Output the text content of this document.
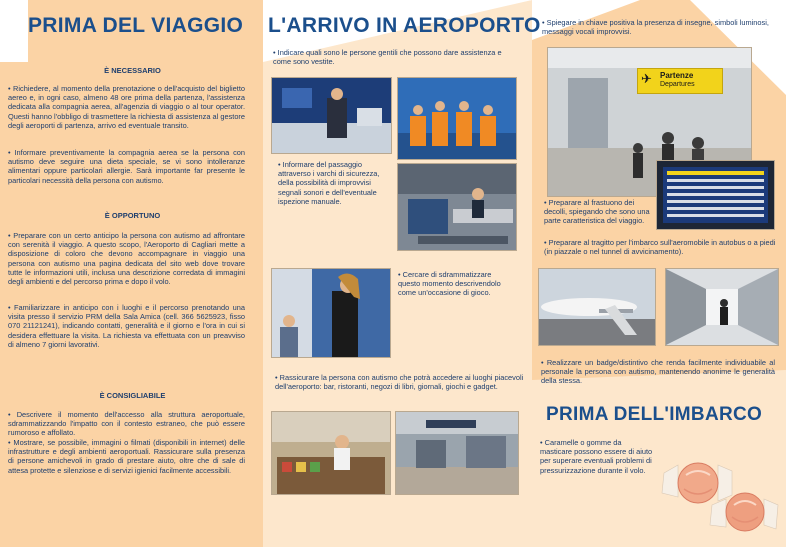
PRIMA DEL VIAGGIO
È NECESSARIO
• Richiedere, al momento della prenotazione o dell'acquisto del biglietto aereo e, in ogni caso, almeno 48 ore prima della partenza, l'assistenza dedicata alla compagnia aerea, all'agenzia di viaggio o al tour operator. Questi hanno l'obbligo di trasmettere la richiesta di assistenza al gestore degli aeroporti di partenza, arrivo ed eventuale transito.
• Informare preventivamente la compagnia aerea se la persona con autismo deve seguire una dieta speciale, se vi sono intolleranze alimentari oppure particolari allergie. Sarà importante far presente le particolari necessità della persona con autismo.
È OPPORTUNO
• Preparare con un certo anticipo la persona con autismo ad affrontare con serenità il viaggio. A questo scopo, l'Aeroporto di Cagliari mette a disposizione di coloro che devono accompagnare in viaggio una persona con autismo una pagina dedicata del sito web dove trovare tutte le informazioni utili, inclusa una descrizione corredata di immagini degli ambienti e del percorso prima e dopo il volo.
• Familiarizzare in anticipo con i luoghi e il percorso prenotando una visita presso il servizio PRM della Sala Amica (cell. 366 5625923, fisso 070 21121241), indicando contatti, generalità e il giorno e l'ora in cui si desidera effettuare la visita. La richiesta va effettuata con un preavviso di almeno 7 giorni lavorativi.
È CONSIGLIABILE
• Descrivere il momento dell'accesso alla struttura aeroportuale, sdrammatizzando l'impatto con il contesto estraneo, che può essere rumoroso e affollato.
• Mostrare, se possibile, immagini o filmati (disponibili in internet) delle infrastrutture e degli ambienti aeroportuali. Rassicurare sulla presenza di persone amichevoli in grado di prestare aiuto, oltre che di sale di attesa protette e silenziose e di servizi igienici facilmente accessibili.
L'ARRIVO IN AEROPORTO
• Indicare quali sono le persone gentili che possono dare assistenza e come sono vestite.
• Informare del passaggio attraverso i varchi di sicurezza, della possibilità di improvvisi segnali sonori e dell'eventuale ispezione manuale.
• Cercare di sdrammatizzare questo momento descrivendolo come un'occasione di gioco.
• Rassicurare la persona con autismo che potrà accedere ai luoghi piacevoli dell'aeroporto: bar, ristoranti, negozi di libri, giornali, giochi e gadget.
• Spiegare in chiave positiva la presenza di insegne, simboli luminosi, messaggi vocali improvvisi.
✈ Partenze
Departures
• Preparare al frastuono dei decolli, spiegando che sono una parte caratteristica del viaggio.
• Preparare al tragitto per l'imbarco sull'aeromobile in autobus o a piedi (in piazzale o nel tunnel di avvicinamento).
• Realizzare un badge/distintivo che renda facilmente individuabile al personale la persona con autismo, mantenendo anonime le generalità della stessa.
PRIMA DELL'IMBARCO
• Caramelle o gomme da masticare possono essere di aiuto per superare eventuali problemi di pressurizzazione durante il volo.
